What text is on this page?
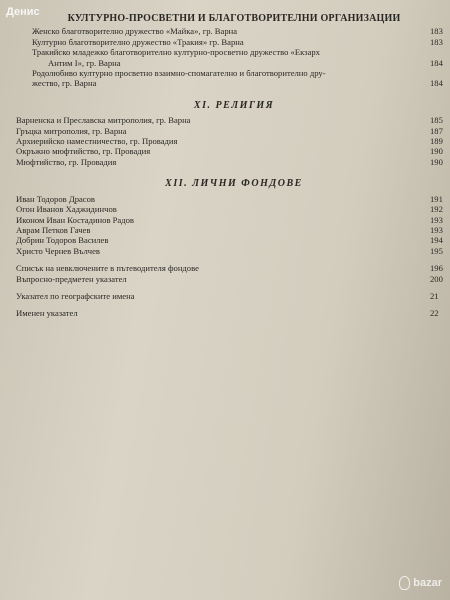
Денис
КУЛТУРНО-ПРОСВЕТНИ И БЛАГОТВОРИТЕЛНИ ОРГАНИЗАЦИИ
Женско благотворително дружество «Майка», гр. Варна	183
Културно благотворително дружество «Тракия» гр. Варна	183
Тракийско младежко благотворително културно-просветно дружество «Екзарх
Антим I», гр. Варна	184
Родолюбиво културно просветно взаимно-спомагателно и благотворително дру-
жество, гр. Варна	184
XI. РЕЛИГИЯ
Варненска и Преславска митрополия, гр. Варна	185
Гръцка митрополия, гр. Варна	187
Архиерийско наместничество, гр. Провадия	189
Окръжно мюфтийство, гр. Провадия	190
Мюфтийство, гр. Провадия	190
XII. ЛИЧНИ ФОНДОВЕ
Иван Тодоров Драсов	191
Огон Иванов Хаджидинчов	192
Иконом Иван Костадинов Радов	193
Аврам Петков Гачев	193
Добрин Тодоров Василев	194
Христо Чернев Вълчев	195
Списък на невключените в пътеводителя фондове	196
Въпросно-предметен указател	200
Указател по географските имена	21
Именен указател	22
bazar
